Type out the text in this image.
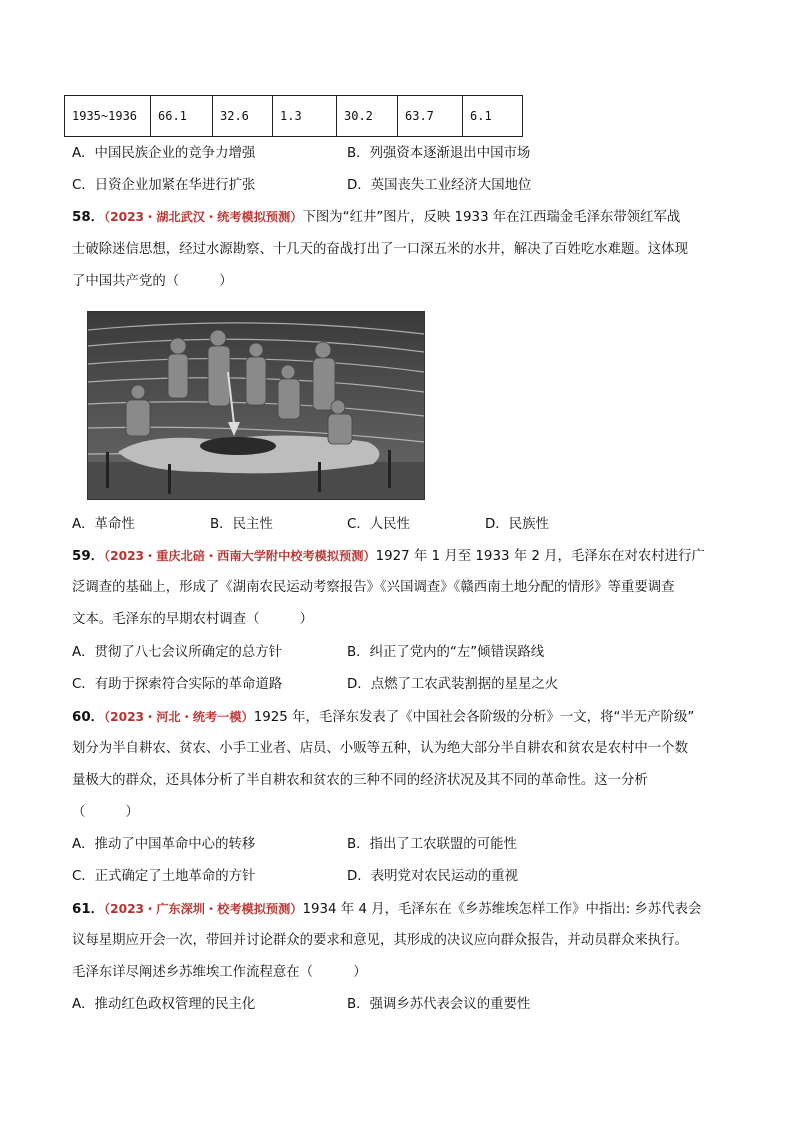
1935~1936	66.1	32.6	1.3	30.2	63.7	6.1
A．中国民族企业的竞争力增强	B．列强资本逐渐退出中国市场
C．日资企业加紧在华进行扩张	D．英国丧失工业经济大国地位
58．（2023・湖北武汉・统考模拟预测）下图为“红井”图片，反映 1933 年在江西瑞金毛泽东带领红军战
士破除迷信思想，经过水源勘察、十几天的奋战打出了一口深五米的水井，解决了百姓吃水难题。这体现
了中国共产党的（　　　）
A．革命性	B．民主性	C．人民性	D．民族性
59．（2023・重庆北碚・西南大学附中校考模拟预测）1927 年 1 月至 1933 年 2 月，毛泽东在对农村进行广
泛调查的基础上，形成了《湖南农民运动考察报告》《兴国调查》《赣西南土地分配的情形》等重要调查
文本。毛泽东的早期农村调查（　　　）
A．贯彻了八七会议所确定的总方针	B．纠正了党内的“左”倾错误路线
C．有助于探索符合实际的革命道路	D．点燃了工农武装割据的星星之火
60．（2023・河北・统考一模）1925 年，毛泽东发表了《中国社会各阶级的分析》一文，将“半无产阶级”
划分为半自耕农、贫农、小手工业者、店员、小贩等五种，认为绝大部分半自耕农和贫农是农村中一个数
量极大的群众，还具体分析了半自耕农和贫农的三种不同的经济状况及其不同的革命性。这一分析
（　　　）
A．推动了中国革命中心的转移	B．指出了工农联盟的可能性
C．正式确定了土地革命的方针	D．表明党对农民运动的重视
61．（2023・广东深圳・校考模拟预测）1934 年 4 月，毛泽东在《乡苏维埃怎样工作》中指出: 乡苏代表会
议每星期应开会一次，带回并讨论群众的要求和意见，其形成的决议应向群众报告，并动员群众来执行。
毛泽东详尽阐述乡苏维埃工作流程意在（　　　）
A．推动红色政权管理的民主化	B．强调乡苏代表会议的重要性
